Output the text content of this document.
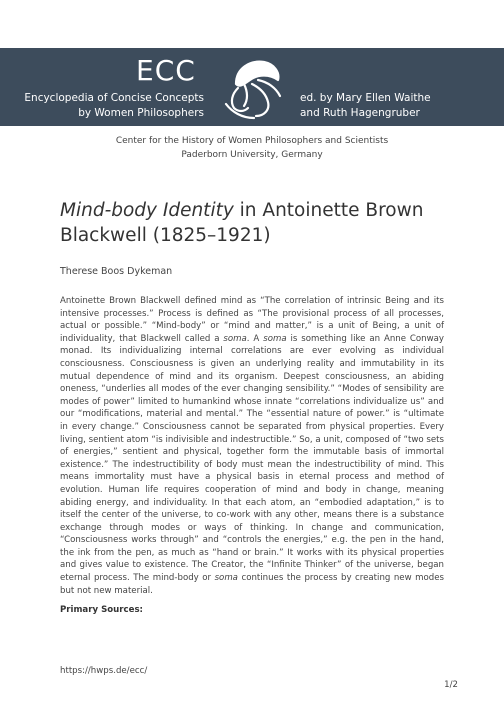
ECC
Encyclopedia of Concise Concepts
by Women Philosophers
ed. by Mary Ellen Waithe
and Ruth Hagengruber
Center for the History of Women Philosophers and Scientists
Paderborn University, Germany
Mind-body Identity in Antoinette Brown Blackwell (1825–1921)
Therese Boos Dykeman
Antoinette Brown Blackwell defined mind as “The correlation of intrinsic Being and its intensive processes.” Process is defined as “The provisional process of all processes, actual or possible.” “Mind-body” or “mind and matter,” is a unit of Being, a unit of individuality, that Blackwell called a soma. A soma is something like an Anne Conway monad. Its individualizing internal correlations are ever evolving as individual consciousness. Consciousness is given an underlying reality and immutability in its mutual dependence of mind and its organism. Deepest consciousness, an abiding oneness, “underlies all modes of the ever changing sensibility.” “Modes of sensibility are modes of power” limited to humankind whose innate “correlations individualize us” and our “modifications, material and mental.” The “essential nature of power.” is “ultimate in every change.” Consciousness cannot be separated from physical properties. Every living, sentient atom “is indivisible and indestructible.” So, a unit, composed of “two sets of energies,” sentient and physical, together form the immutable basis of immortal existence.” The indestructibility of body must mean the indestructibility of mind. This means immortality must have a physical basis in eternal process and method of evolution. Human life requires cooperation of mind and body in change, meaning abiding energy, and individuality. In that each atom, an “embodied adaptation,” is to itself the center of the universe, to co-work with any other, means there is a substance exchange through modes or ways of thinking. In change and communication, “Consciousness works through” and “controls the energies,” e.g. the pen in the hand, the ink from the pen, as much as “hand or brain.” It works with its physical properties and gives value to existence. The Creator, the “Infinite Thinker” of the universe, began eternal process. The mind-body or soma continues the process by creating new modes but not new material.
Primary Sources:
https://hwps.de/ecc/
1/2
